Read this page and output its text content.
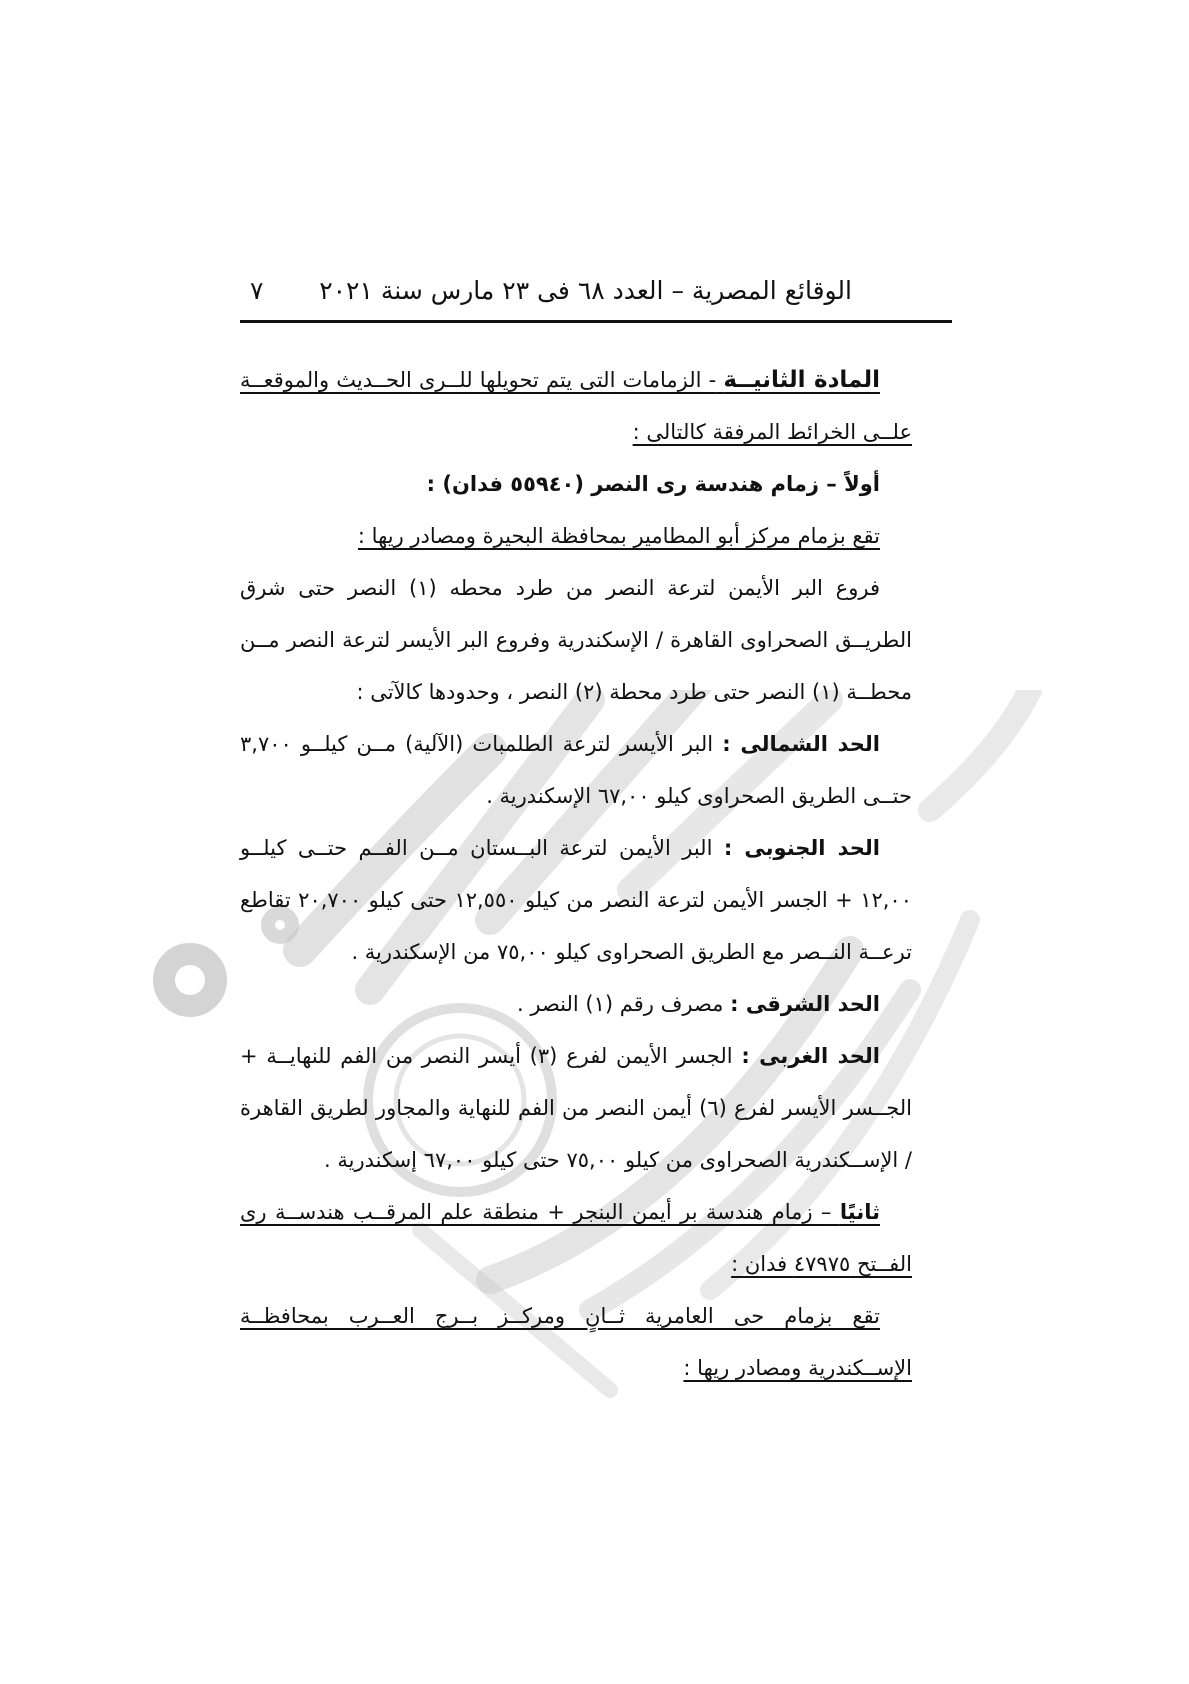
الوقائع المصرية – العدد ٦٨ فى ٢٣ مارس سنة ٢٠٢١
٧

المادة الثانيــة - الزمامات التى يتم تحويلها للــرى الحــديث والموقعــة علــى الخرائط المرفقة كالتالى :

أولاً – زمام هندسة رى النصر (٥٥٩٤٠ فدان) :

تقع بزمام مركز أبو المطامير بمحافظة البحيرة ومصادر ريها :

فروع البر الأيمن لترعة النصر من طرد محطه (١) النصر حتى شرق الطريــق الصحراوى القاهرة / الإسكندرية وفروع البر الأيسر لترعة النصر مــن محطــة (١) النصر حتى طرد محطة (٢) النصر ، وحدودها كالآتى :

الحد الشمالى : البر الأيسر لترعة الطلمبات (الآلية) مــن كيلــو ٣,٧٠٠ حتــى الطريق الصحراوى كيلو ٦٧,٠٠ الإسكندرية .

الحد الجنوبى : البر الأيمن لترعة البــستان مــن الفــم حتــى كيلــو ١٢,٠٠ + الجسر الأيمن لترعة النصر من كيلو ١٢,٥٥٠ حتى كيلو ٢٠,٧٠٠ تقاطع ترعــة النــصر مع الطريق الصحراوى كيلو ٧٥,٠٠ من الإسكندرية .

الحد الشرقى : مصرف رقم (١) النصر .

الحد الغربى : الجسر الأيمن لفرع (٣) أيسر النصر من الفم للنهايــة + الجــسر الأيسر لفرع (٦) أيمن النصر من الفم للنهاية والمجاور لطريق القاهرة / الإســكندرية الصحراوى من كيلو ٧٥,٠٠ حتى كيلو ٦٧,٠٠ إسكندرية .

ثانيًا – زمام هندسة بر أيمن البنجر + منطقة علم المرقــب هندســة رى الفــتح ٤٧٩٧٥ فدان :

تقع بزمام حى العامرية ثــانٍ ومركــز بــرج العــرب بمحافظــة الإســكندرية ومصادر ريها :
